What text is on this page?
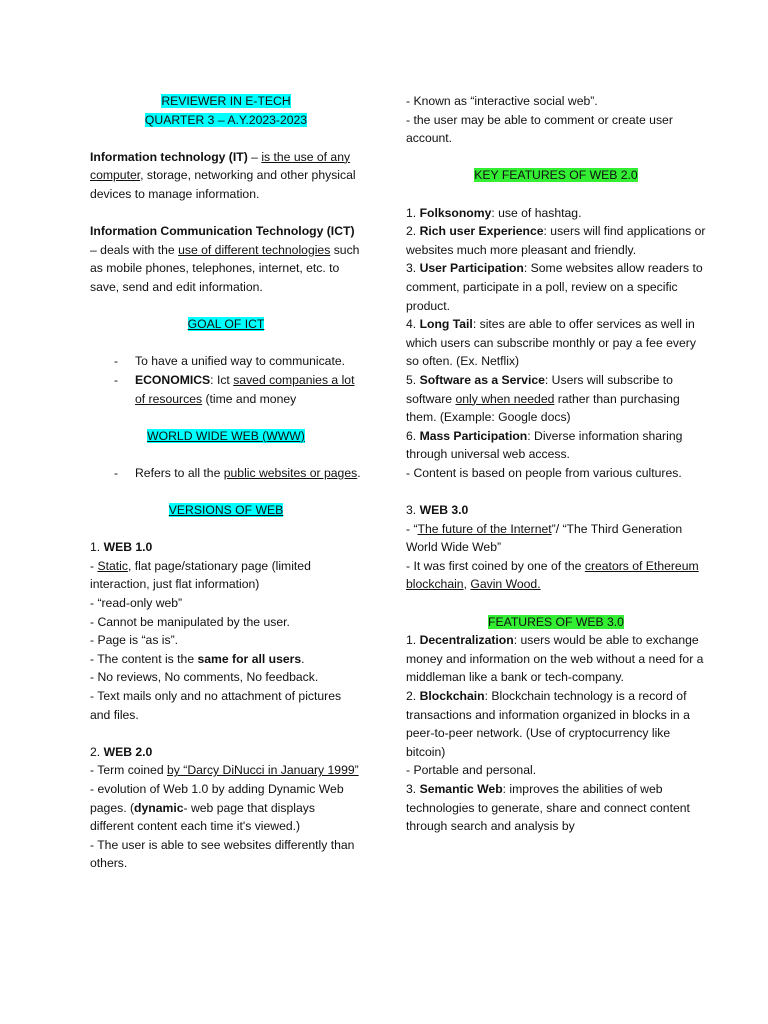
REVIEWER IN E-TECH

QUARTER 3 – A.Y.2023-2023

Information technology (IT) – is the use of any computer, storage, networking and other physical devices to manage information.

Information Communication Technology (ICT) – deals with the use of different technologies such as mobile phones, telephones, internet, etc. to save, send and edit information.

GOAL OF ICT

- To have a unified way to communicate.

- ECONOMICS: Ict saved companies a lot of resources (time and money

WORLD WIDE WEB (WWW)

- Refers to all the public websites or pages.

VERSIONS OF WEB

1. WEB 1.0

- Static, flat page/stationary page (limited interaction, just flat information)

- “read-only web”

- Cannot be manipulated by the user.

- Page is “as is”.

- The content is the same for all users.

- No reviews, No comments, No feedback.

- Text mails only and no attachment of pictures and files.

2. WEB 2.0

- Term coined by “Darcy DiNucci in January 1999”

- evolution of Web 1.0 by adding Dynamic Web pages. (dynamic- web page that displays different content each time it's viewed.)

- The user is able to see websites differently than others.

- Known as “interactive social web”.

- the user may be able to comment or create user account.

KEY FEATURES OF WEB 2.0

1. Folksonomy: use of hashtag.

2. Rich user Experience: users will find applications or websites much more pleasant and friendly.

3. User Participation: Some websites allow readers to comment, participate in a poll, review on a specific product.

4. Long Tail: sites are able to offer services as well in which users can subscribe monthly or pay a fee every so often. (Ex. Netflix)

5. Software as a Service: Users will subscribe to software only when needed rather than purchasing them. (Example: Google docs)

6. Mass Participation: Diverse information sharing through universal web access.

- Content is based on people from various cultures.

3. WEB 3.0

- “The future of the Internet”/ “The Third Generation World Wide Web”

- It was first coined by one of the creators of Ethereum blockchain, Gavin Wood.

FEATURES OF WEB 3.0

1. Decentralization: users would be able to exchange money and information on the web without a need for a middleman like a bank or tech-company.

2. Blockchain: Blockchain technology is a record of transactions and information organized in blocks in a peer-to-peer network. (Use of cryptocurrency like bitcoin)

- Portable and personal.

3. Semantic Web: improves the abilities of web technologies to generate, share and connect content through search and analysis by
